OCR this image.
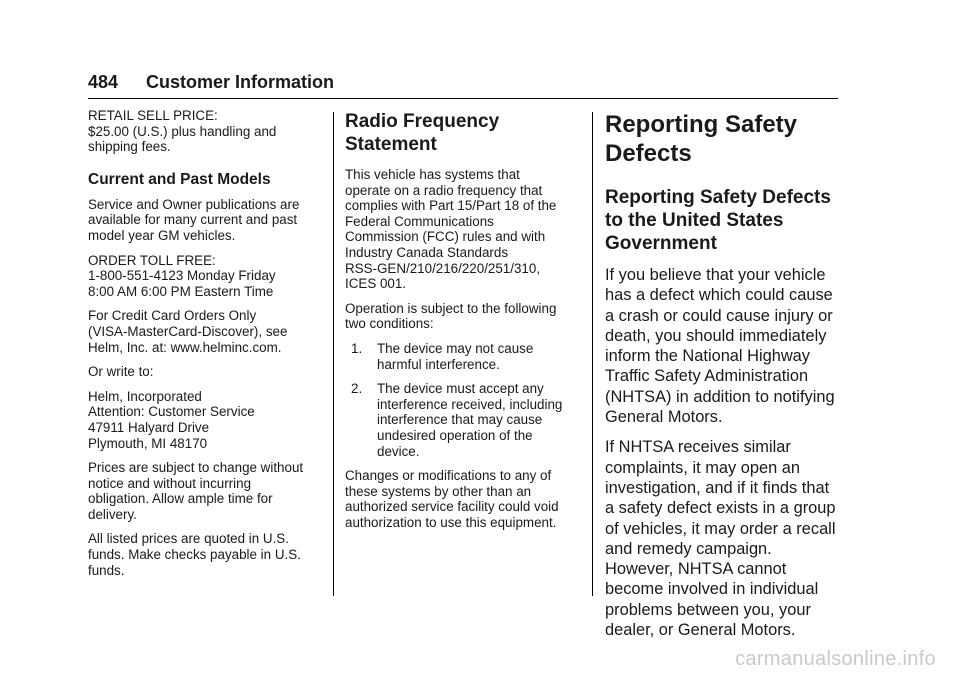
484 Customer Information

RETAIL SELL PRICE:
$25.00 (U.S.) plus handling and
shipping fees.

Current and Past Models

Service and Owner publications are
available for many current and past
model year GM vehicles.

ORDER TOLL FREE:
1-800-551-4123 Monday Friday
8:00 AM 6:00 PM Eastern Time

For Credit Card Orders Only
(VISA-MasterCard-Discover), see
Helm, Inc. at: www.helminc.com.

Or write to:

Helm, Incorporated
Attention: Customer Service
47911 Halyard Drive
Plymouth, MI 48170

Prices are subject to change without
notice and without incurring
obligation. Allow ample time for
delivery.

All listed prices are quoted in U.S.
funds. Make checks payable in U.S.
funds.

Radio Frequency
Statement

This vehicle has systems that
operate on a radio frequency that
complies with Part 15/Part 18 of the
Federal Communications
Commission (FCC) rules and with
Industry Canada Standards
RSS-GEN/210/216/220/251/310,
ICES 001.

Operation is subject to the following
two conditions:

1. The device may not cause
harmful interference.
2. The device must accept any
interference received, including
interference that may cause
undesired operation of the
device.

Changes or modifications to any of
these systems by other than an
authorized service facility could void
authorization to use this equipment.

Reporting Safety
Defects
Reporting Safety Defects
to the United States
Government

If you believe that your vehicle
has a defect which could cause
a crash or could cause injury or
death, you should immediately
inform the National Highway
Traffic Safety Administration
(NHTSA) in addition to notifying
General Motors.

If NHTSA receives similar
complaints, it may open an
investigation, and if it finds that
a safety defect exists in a group
of vehicles, it may order a recall
and remedy campaign.
However, NHTSA cannot
become involved in individual
problems between you, your
dealer, or General Motors.

carmanualsonline.info
